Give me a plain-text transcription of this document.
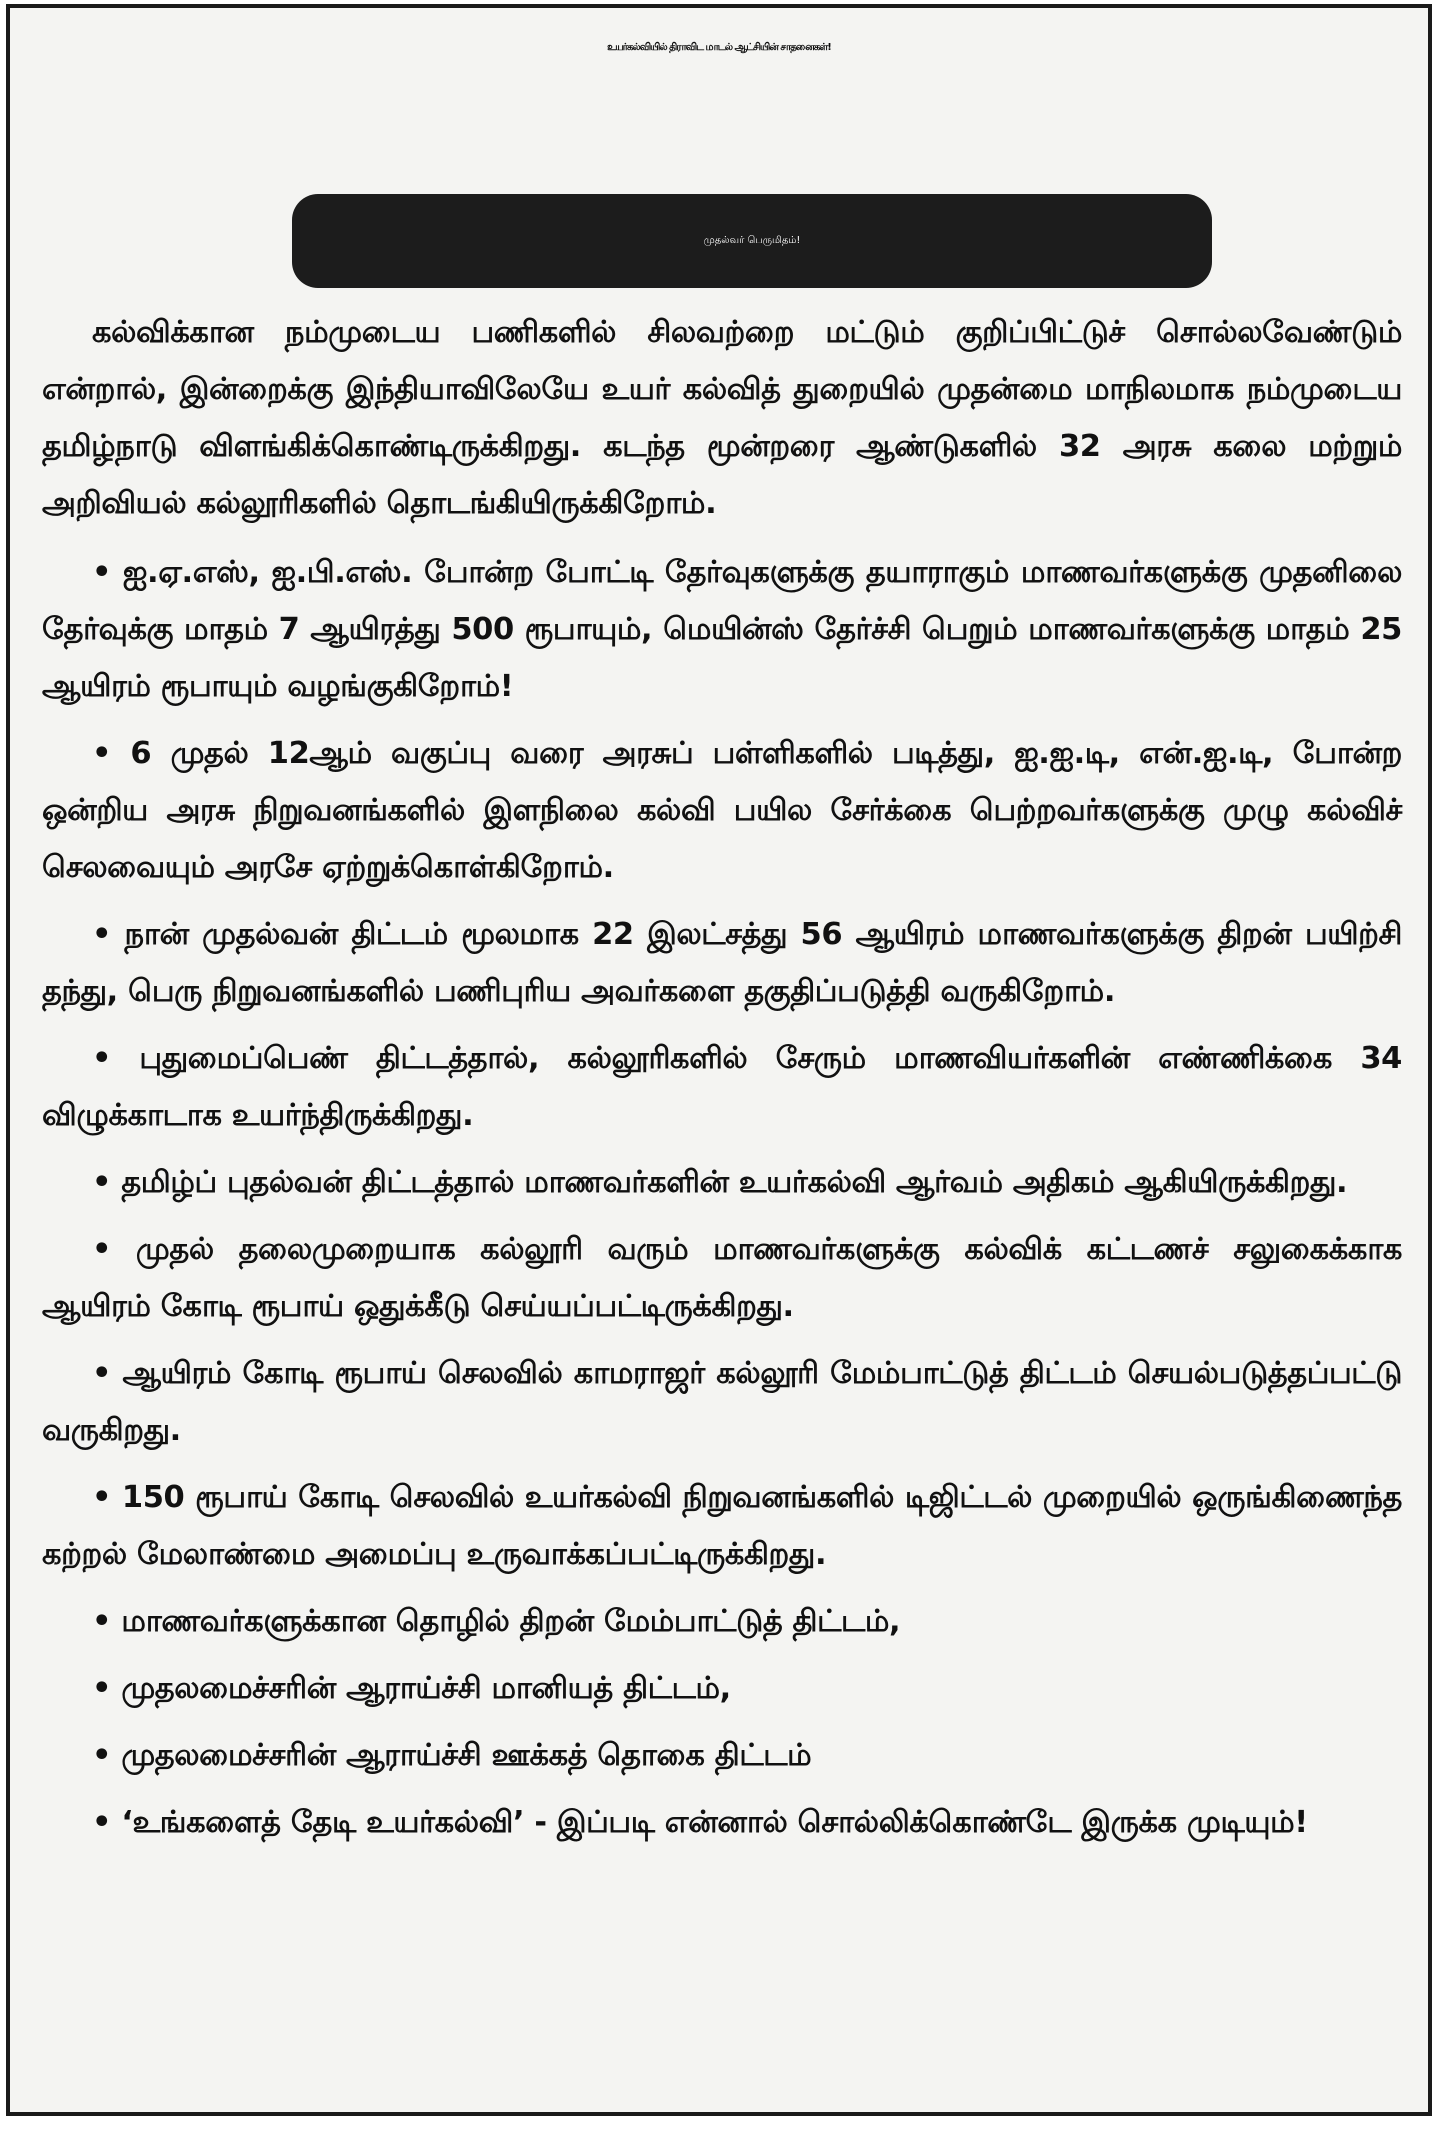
உயர்கல்வியில் திராவிட மாடல் ஆட்சியின் சாதனைகள்!
முதல்வர் பெருமிதம்!

கல்விக்கான நம்முடைய பணிகளில் சிலவற்றை மட்டும் குறிப்பிட்டுச் சொல்லவேண்டும் என்றால், இன்றைக்கு இந்தியாவிலேயே உயர் கல்வித் துறையில் முதன்மை மாநிலமாக நம்முடைய தமிழ்நாடு விளங்கிக்கொண்டிருக்கிறது. கடந்த மூன்றரை ஆண்டுகளில் 32 அரசு கலை மற்றும் அறிவியல் கல்லூரிகளில் தொடங்கியிருக்கிறோம்.

• ஐ.ஏ.எஸ், ஐ.பி.எஸ். போன்ற போட்டி தேர்வுகளுக்கு தயாராகும் மாணவர்களுக்கு முதனிலை தேர்வுக்கு மாதம் 7 ஆயிரத்து 500 ரூபாயும், மெயின்ஸ் தேர்ச்சி பெறும் மாணவர்களுக்கு மாதம் 25 ஆயிரம் ரூபாயும் வழங்குகிறோம்!

• 6 முதல் 12ஆம் வகுப்பு வரை அரசுப் பள்ளிகளில் படித்து, ஐ.ஐ.டி, என்.ஐ.டி, போன்ற ஒன்றிய அரசு நிறுவனங்களில் இளநிலை கல்வி பயில சேர்க்கை பெற்றவர்களுக்கு முழு கல்விச் செலவையும் அரசே ஏற்றுக்கொள்கிறோம்.

• நான் முதல்வன் திட்டம் மூலமாக 22 இலட்சத்து 56 ஆயிரம் மாணவர்களுக்கு திறன் பயிற்சி தந்து, பெரு நிறுவனங்களில் பணிபுரிய அவர்களை தகுதிப்படுத்தி வருகிறோம்.

• புதுமைப்பெண் திட்டத்தால், கல்லூரிகளில் சேரும் மாணவியர்களின் எண்ணிக்கை 34 விழுக்காடாக உயர்ந்திருக்கிறது.

• தமிழ்ப் புதல்வன் திட்டத்தால் மாணவர்களின் உயர்கல்வி ஆர்வம் அதிகம் ஆகியிருக்கிறது.

• முதல் தலைமுறையாக கல்லூரி வரும் மாணவர்களுக்கு கல்விக் கட்டணச் சலுகைக்காக ஆயிரம் கோடி ரூபாய் ஒதுக்கீடு செய்யப்பட்டிருக்கிறது.

• ஆயிரம் கோடி ரூபாய் செலவில் காமராஜர் கல்லூரி மேம்பாட்டுத் திட்டம் செயல்படுத்தப்பட்டு வருகிறது.

• 150 ரூபாய் கோடி செலவில் உயர்கல்வி நிறுவனங்களில் டிஜிட்டல் முறையில் ஒருங்கிணைந்த கற்றல் மேலாண்மை அமைப்பு உருவாக்கப்பட்டிருக்கிறது.

• மாணவர்களுக்கான தொழில் திறன் மேம்பாட்டுத் திட்டம்,

• முதலமைச்சரின் ஆராய்ச்சி மானியத் திட்டம்,

• முதலமைச்சரின் ஆராய்ச்சி ஊக்கத் தொகை திட்டம்

• ‘உங்களைத் தேடி உயர்கல்வி’ - இப்படி என்னால் சொல்லிக்கொண்டே இருக்க முடியும்!
